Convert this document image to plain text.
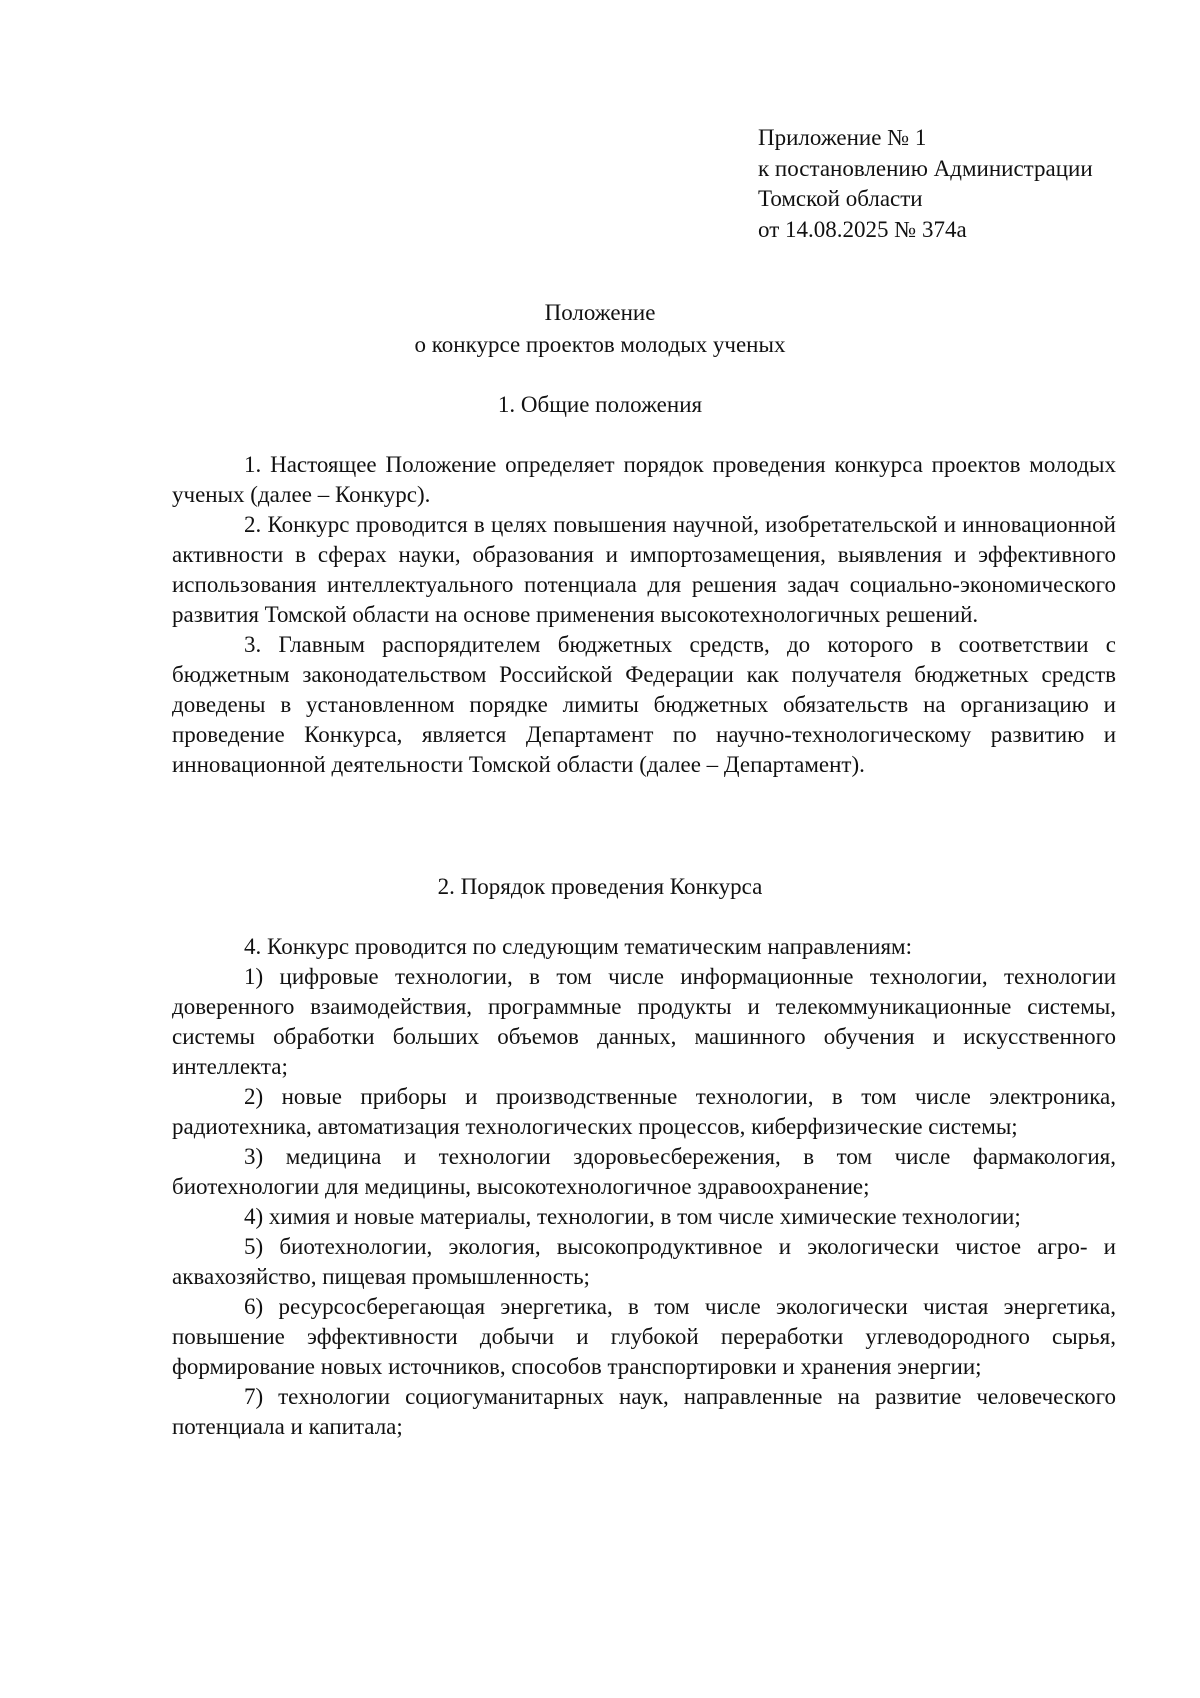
Приложение № 1
к постановлению Администрации
Томской области
от 14.08.2025 № 374а
Положение
о конкурсе проектов молодых ученых
1. Общие положения

1. Настоящее Положение определяет порядок проведения конкурса проектов молодых ученых (далее – Конкурс).

2. Конкурс проводится в целях повышения научной, изобретательской и инновационной активности в сферах науки, образования и импортозамещения, выявления и эффективного использования интеллектуального потенциала для решения задач социально-экономического развития Томской области на основе применения высокотехнологичных решений.

3. Главным распорядителем бюджетных средств, до которого в соответствии с бюджетным законодательством Российской Федерации как получателя бюджетных средств доведены в установленном порядке лимиты бюджетных обязательств на организацию и проведение Конкурса, является Департамент по научно-технологическому развитию и инновационной деятельности Томской области (далее – Департамент).

2. Порядок проведения Конкурса

4. Конкурс проводится по следующим тематическим направлениям:

1) цифровые технологии, в том числе информационные технологии, технологии доверенного взаимодействия, программные продукты и телекоммуникационные системы, системы обработки больших объемов данных, машинного обучения и искусственного интеллекта;

2) новые приборы и производственные технологии, в том числе электроника, радиотехника, автоматизация технологических процессов, киберфизические системы;

3) медицина и технологии здоровьесбережения, в том числе фармакология, биотехнологии для медицины, высокотехнологичное здравоохранение;

4) химия и новые материалы, технологии, в том числе химические технологии;

5) биотехнологии, экология, высокопродуктивное и экологически чистое агро- и аквахозяйство, пищевая промышленность;

6) ресурсосберегающая энергетика, в том числе экологически чистая энергетика, повышение эффективности добычи и глубокой переработки углеводородного сырья, формирование новых источников, способов транспортировки и хранения энергии;

7) технологии социогуманитарных наук, направленные на развитие человеческого потенциала и капитала;
